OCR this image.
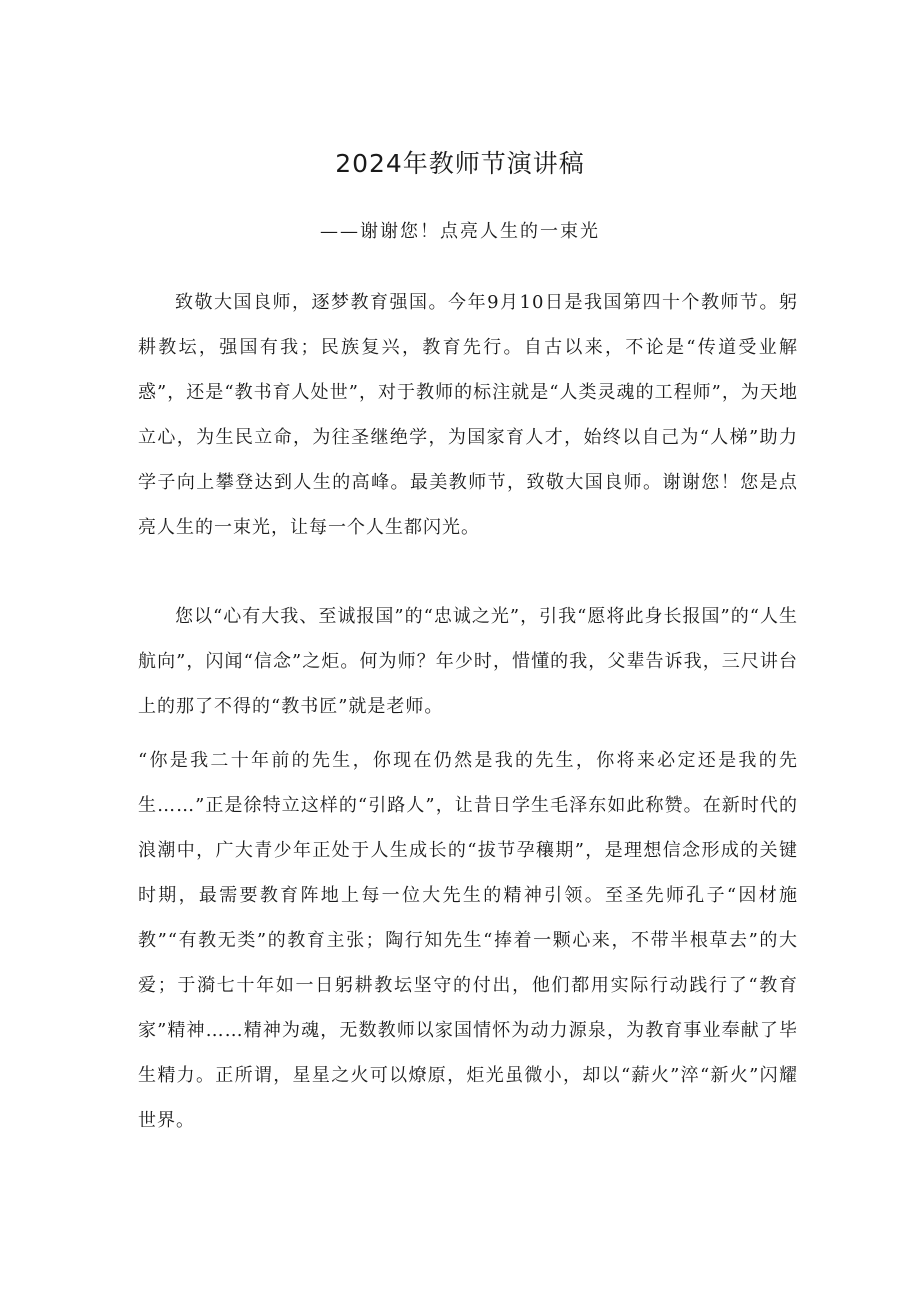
2024年教师节演讲稿

——谢谢您！点亮人生的一束光

致敬大国良师，逐梦教育强国。今年9月10日是我国第四十个教师节。躬耕教坛，强国有我；民族复兴，教育先行。自古以来，不论是“传道受业解惑”，还是“教书育人处世”，对于教师的标注就是“人类灵魂的工程师”，为天地立心，为生民立命，为往圣继绝学，为国家育人才，始终以自己为“人梯”助力学子向上攀登达到人生的高峰。最美教师节，致敬大国良师。谢谢您！您是点亮人生的一束光，让每一个人生都闪光。

您以“心有大我、至诚报国”的“忠诚之光”，引我“愿将此身长报国”的“人生航向”，闪闻“信念”之炬。何为师？年少时，惜懂的我，父辈告诉我，三尺讲台上的那了不得的“教书匠”就是老师。

“你是我二十年前的先生，你现在仍然是我的先生，你将来必定还是我的先生……”正是徐特立这样的“引路人”，让昔日学生毛泽东如此称赞。在新时代的浪潮中，广大青少年正处于人生成长的“拔节孕穰期”，是理想信念形成的关键时期，最需要教育阵地上每一位大先生的精神引领。至圣先师孔子“因材施教”“有教无类”的教育主张；陶行知先生“捧着一颗心来，不带半根草去”的大爱；于漪七十年如一日躬耕教坛坚守的付出，他们都用实际行动践行了“教育家”精神……精神为魂，无数教师以家国情怀为动力源泉，为教育事业奉献了毕生精力。正所谓，星星之火可以燎原，炬光虽微小，却以“薪火”淬“新火”闪耀世界。
